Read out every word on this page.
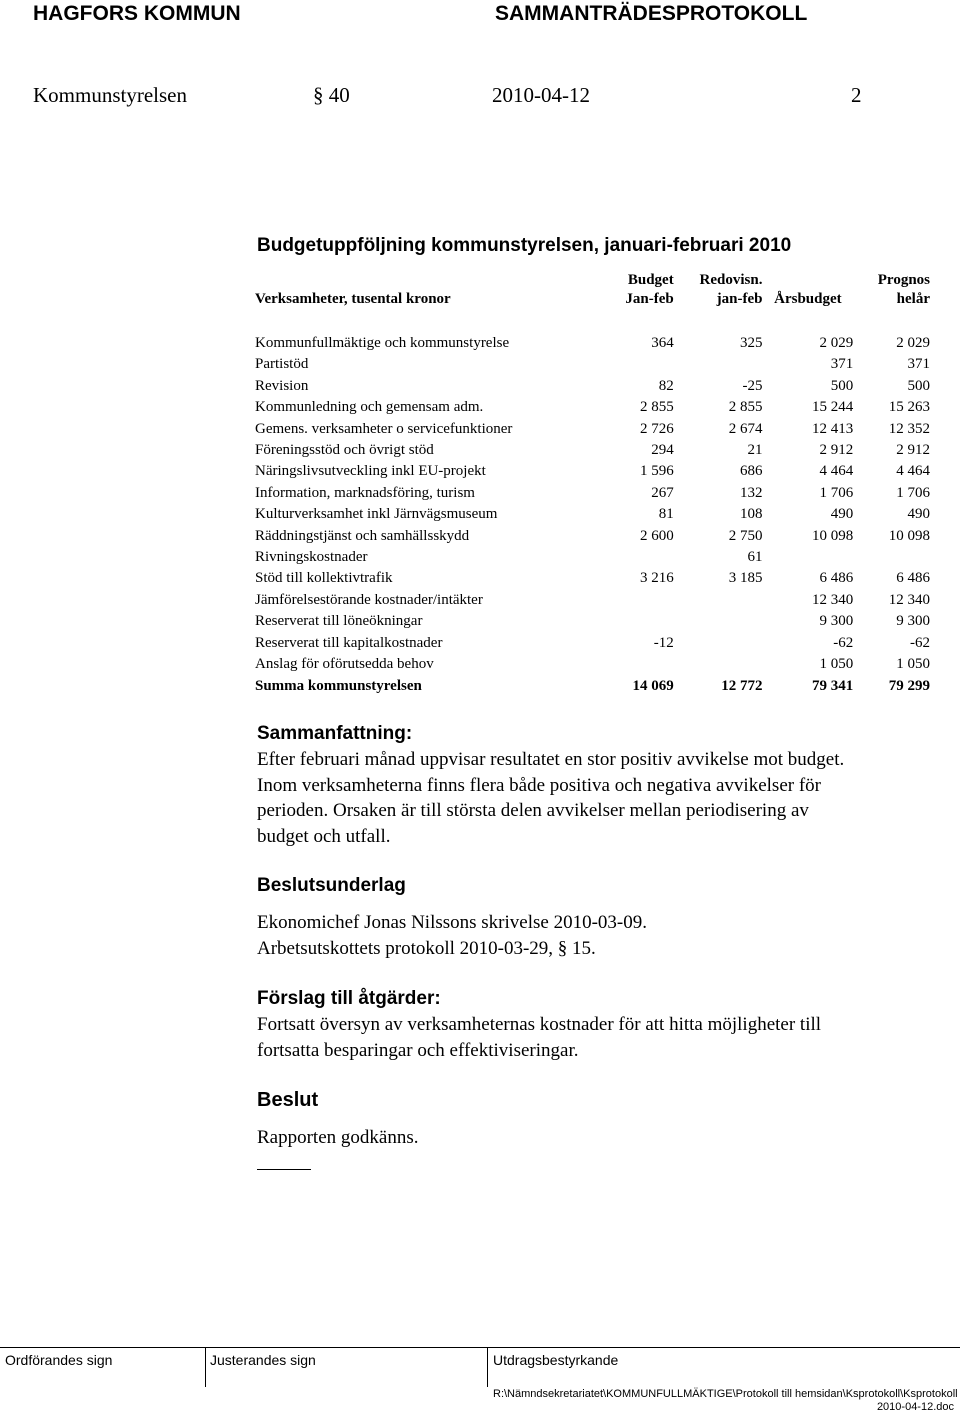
HAGFORS KOMMUN	SAMMANTRÄDESPROTOKOLL
Kommunstyrelsen	§ 40	2010-04-12	2
Budgetuppföljning kommunstyrelsen, januari-februari 2010
	Budget	Redovisn.		Prognos
Verksamheter, tusental kronor	Jan-feb	jan-feb	Årsbudget	helår

Kommunfullmäktige och kommunstyrelse	364	325	2 029	2 029
Partistöd			371	371
Revision	82	-25	500	500
Kommunledning och gemensam adm.	2 855	2 855	15 244	15 263
Gemens. verksamheter o servicefunktioner	2 726	2 674	12 413	12 352
Föreningsstöd och övrigt stöd	294	21	2 912	2 912
Näringslivsutveckling inkl EU-projekt	1 596	686	4 464	4 464
Information, marknadsföring, turism	267	132	1 706	1 706
Kulturverksamhet inkl Järnvägsmuseum	81	108	490	490
Räddningstjänst och samhällsskydd	2 600	2 750	10 098	10 098
Rivningskostnader		61		
Stöd till kollektivtrafik	3 216	3 185	6 486	6 486
Jämförelsestörande kostnader/intäkter			12 340	12 340
Reserverat till löneökningar			9 300	9 300
Reserverat till kapitalkostnader	-12		-62	-62
Anslag för oförutsedda behov			1 050	1 050
Summa kommunstyrelsen	14 069	12 772	79 341	79 299
Sammanfattning:
Efter februari månad uppvisar resultatet en stor positiv avvikelse mot budget.
Inom verksamheterna finns flera både positiva och negativa avvikelser för
perioden. Orsaken är till största delen avvikelser mellan periodisering av
budget och utfall.
Beslutsunderlag
Ekonomichef Jonas Nilssons skrivelse 2010-03-09.
Arbetsutskottets protokoll 2010-03-29, § 15.
Förslag till åtgärder:
Fortsatt översyn av verksamheternas kostnader för att hitta möjligheter till
fortsatta besparingar och effektiviseringar.
Beslut
Rapporten godkänns.
Ordförandes sign	Justerandes sign	Utdragsbestyrkande
R:\Nämndsekretariatet\KOMMUNFULLMÄKTIGE\Protokoll till hemsidan\Ksprotokoll\Ksprotokoll
2010-04-12.doc
